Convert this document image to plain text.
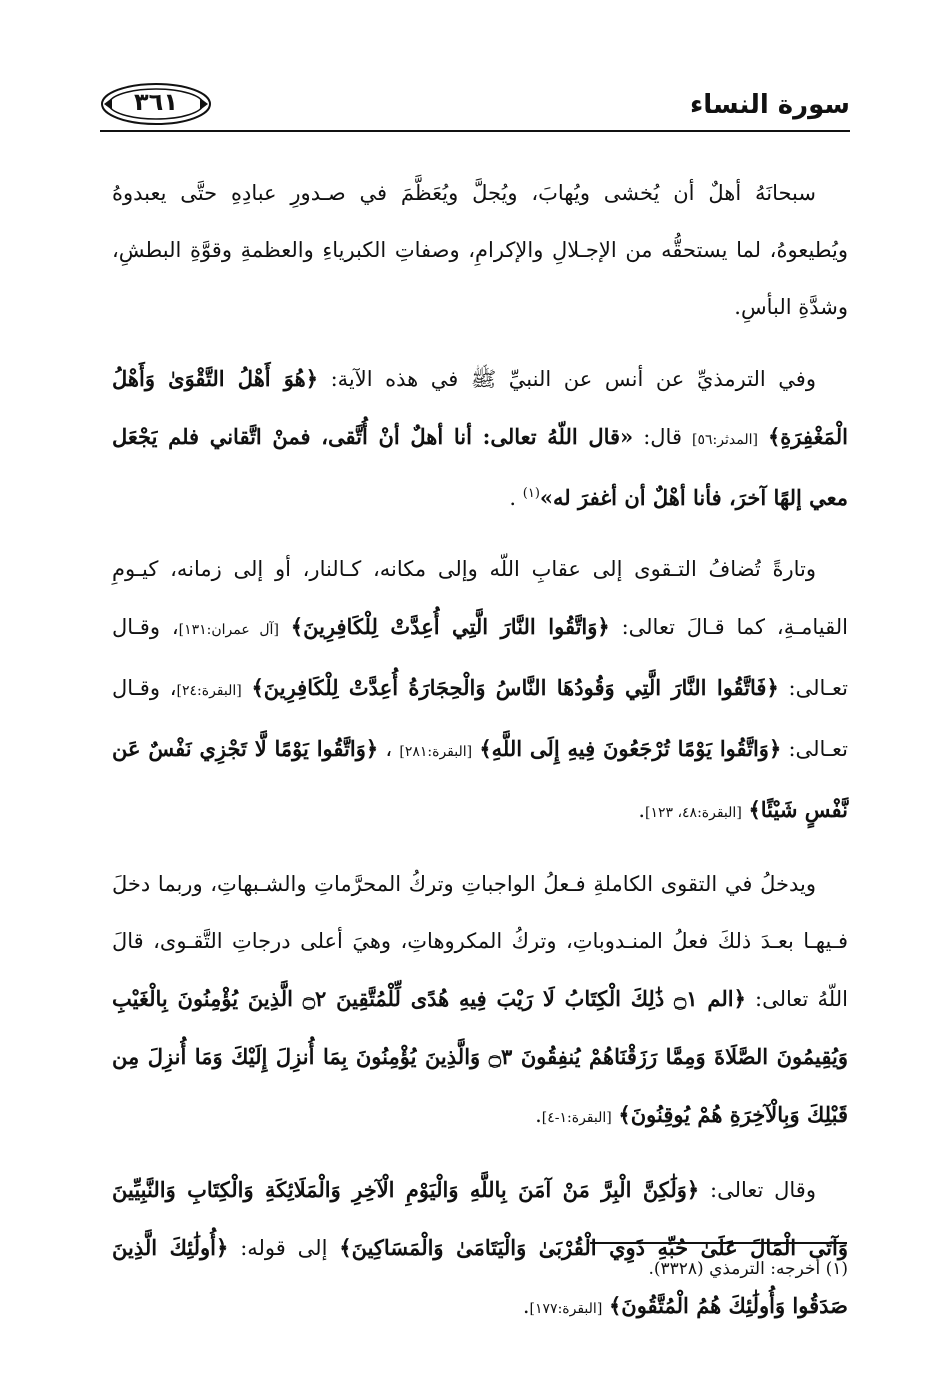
سورة النساء
٣٦١

سبحانَهُ أهلٌ أن يُخشى ويُهابَ، ويُجلَّ ويُعَظَّمَ في صـدورِ عبادِهِ حتَّى يعبدوهُ ويُطيعوهُ، لما يستحقُّه من الإجـلالِ والإكرامِ، وصفاتِ الكبرياءِ والعظمةِ وقوَّةِ البطشِ، وشدَّةِ البأسِ.

وفي الترمذيِّ عن أنس عن النبيِّ ﷺ في هذه الآية: ﴿هُوَ أَهْلُ التَّقْوَىٰ وَأَهْلُ الْمَغْفِرَةِ﴾ [المدثر:٥٦] قال: «قال اللّهُ تعالى: أنا أهلٌ أنْ أُتَّقى، فمنْ اتَّقاني فلم يَجْعَل معي إلهًا آخرَ، فأنا أهْلٌ أن أغفرَ له»$^{(١)}$ .

وتارةً تُضافُ التـقوى إلى عقابِ اللّه وإلى مكانه، كـالنار، أو إلى زمانه، كيـومِ القيامـةِ، كما قـالَ تعالى: ﴿وَاتَّقُوا النَّارَ الَّتِي أُعِدَّتْ لِلْكَافِرِينَ﴾ [آل عمران:١٣١]، وقـال تعـالى: ﴿فَاتَّقُوا النَّارَ الَّتِي وَقُودُهَا النَّاسُ وَالْحِجَارَةُ أُعِدَّتْ لِلْكَافِرِينَ﴾ [البقرة:٢٤]، وقـال تعـالى: ﴿وَاتَّقُوا يَوْمًا تُرْجَعُونَ فِيهِ إِلَى اللَّهِ﴾ [البقرة:٢٨١] ، ﴿وَاتَّقُوا يَوْمًا لَّا تَجْزِي نَفْسٌ عَن نَّفْسٍ شَيْئًا﴾ [البقرة:٤٨، ١٢٣].

ويدخلُ في التقوى الكاملةِ فـعلُ الواجباتِ وتركُ المحرَّماتِ والشـبهاتِ، وربما دخلَ فـيهـا بعـدَ ذلكَ فعلُ المنـدوباتِ، وتركُ المكروهاتِ، وهيَ أعلى درجاتِ التَّقـوى، قالَ اللّهُ تعالى: ﴿الم ۝١ ذَٰلِكَ الْكِتَابُ لَا رَيْبَ فِيهِ هُدًى لِّلْمُتَّقِينَ ۝٢ الَّذِينَ يُؤْمِنُونَ بِالْغَيْبِ وَيُقِيمُونَ الصَّلَاةَ وَمِمَّا رَزَقْنَاهُمْ يُنفِقُونَ ۝٣ وَالَّذِينَ يُؤْمِنُونَ بِمَا أُنزِلَ إِلَيْكَ وَمَا أُنزِلَ مِن قَبْلِكَ وَبِالْآخِرَةِ هُمْ يُوقِنُونَ﴾ [البقرة:١-٤].

وقال تعالى: ﴿وَلَٰكِنَّ الْبِرَّ مَنْ آمَنَ بِاللَّهِ وَالْيَوْمِ الْآخِرِ وَالْمَلَائِكَةِ وَالْكِتَابِ وَالنَّبِيِّينَ وَآتَى الْمَالَ عَلَىٰ حُبِّهِ ذَوِي الْقُرْبَىٰ وَالْيَتَامَىٰ وَالْمَسَاكِينَ﴾ إلى قوله: ﴿أُولَٰئِكَ الَّذِينَ صَدَقُوا وَأُولَٰئِكَ هُمُ الْمُتَّقُونَ﴾ [البقرة:١٧٧].

(١) أخرجه: الترمذي (٣٣٢٨).
